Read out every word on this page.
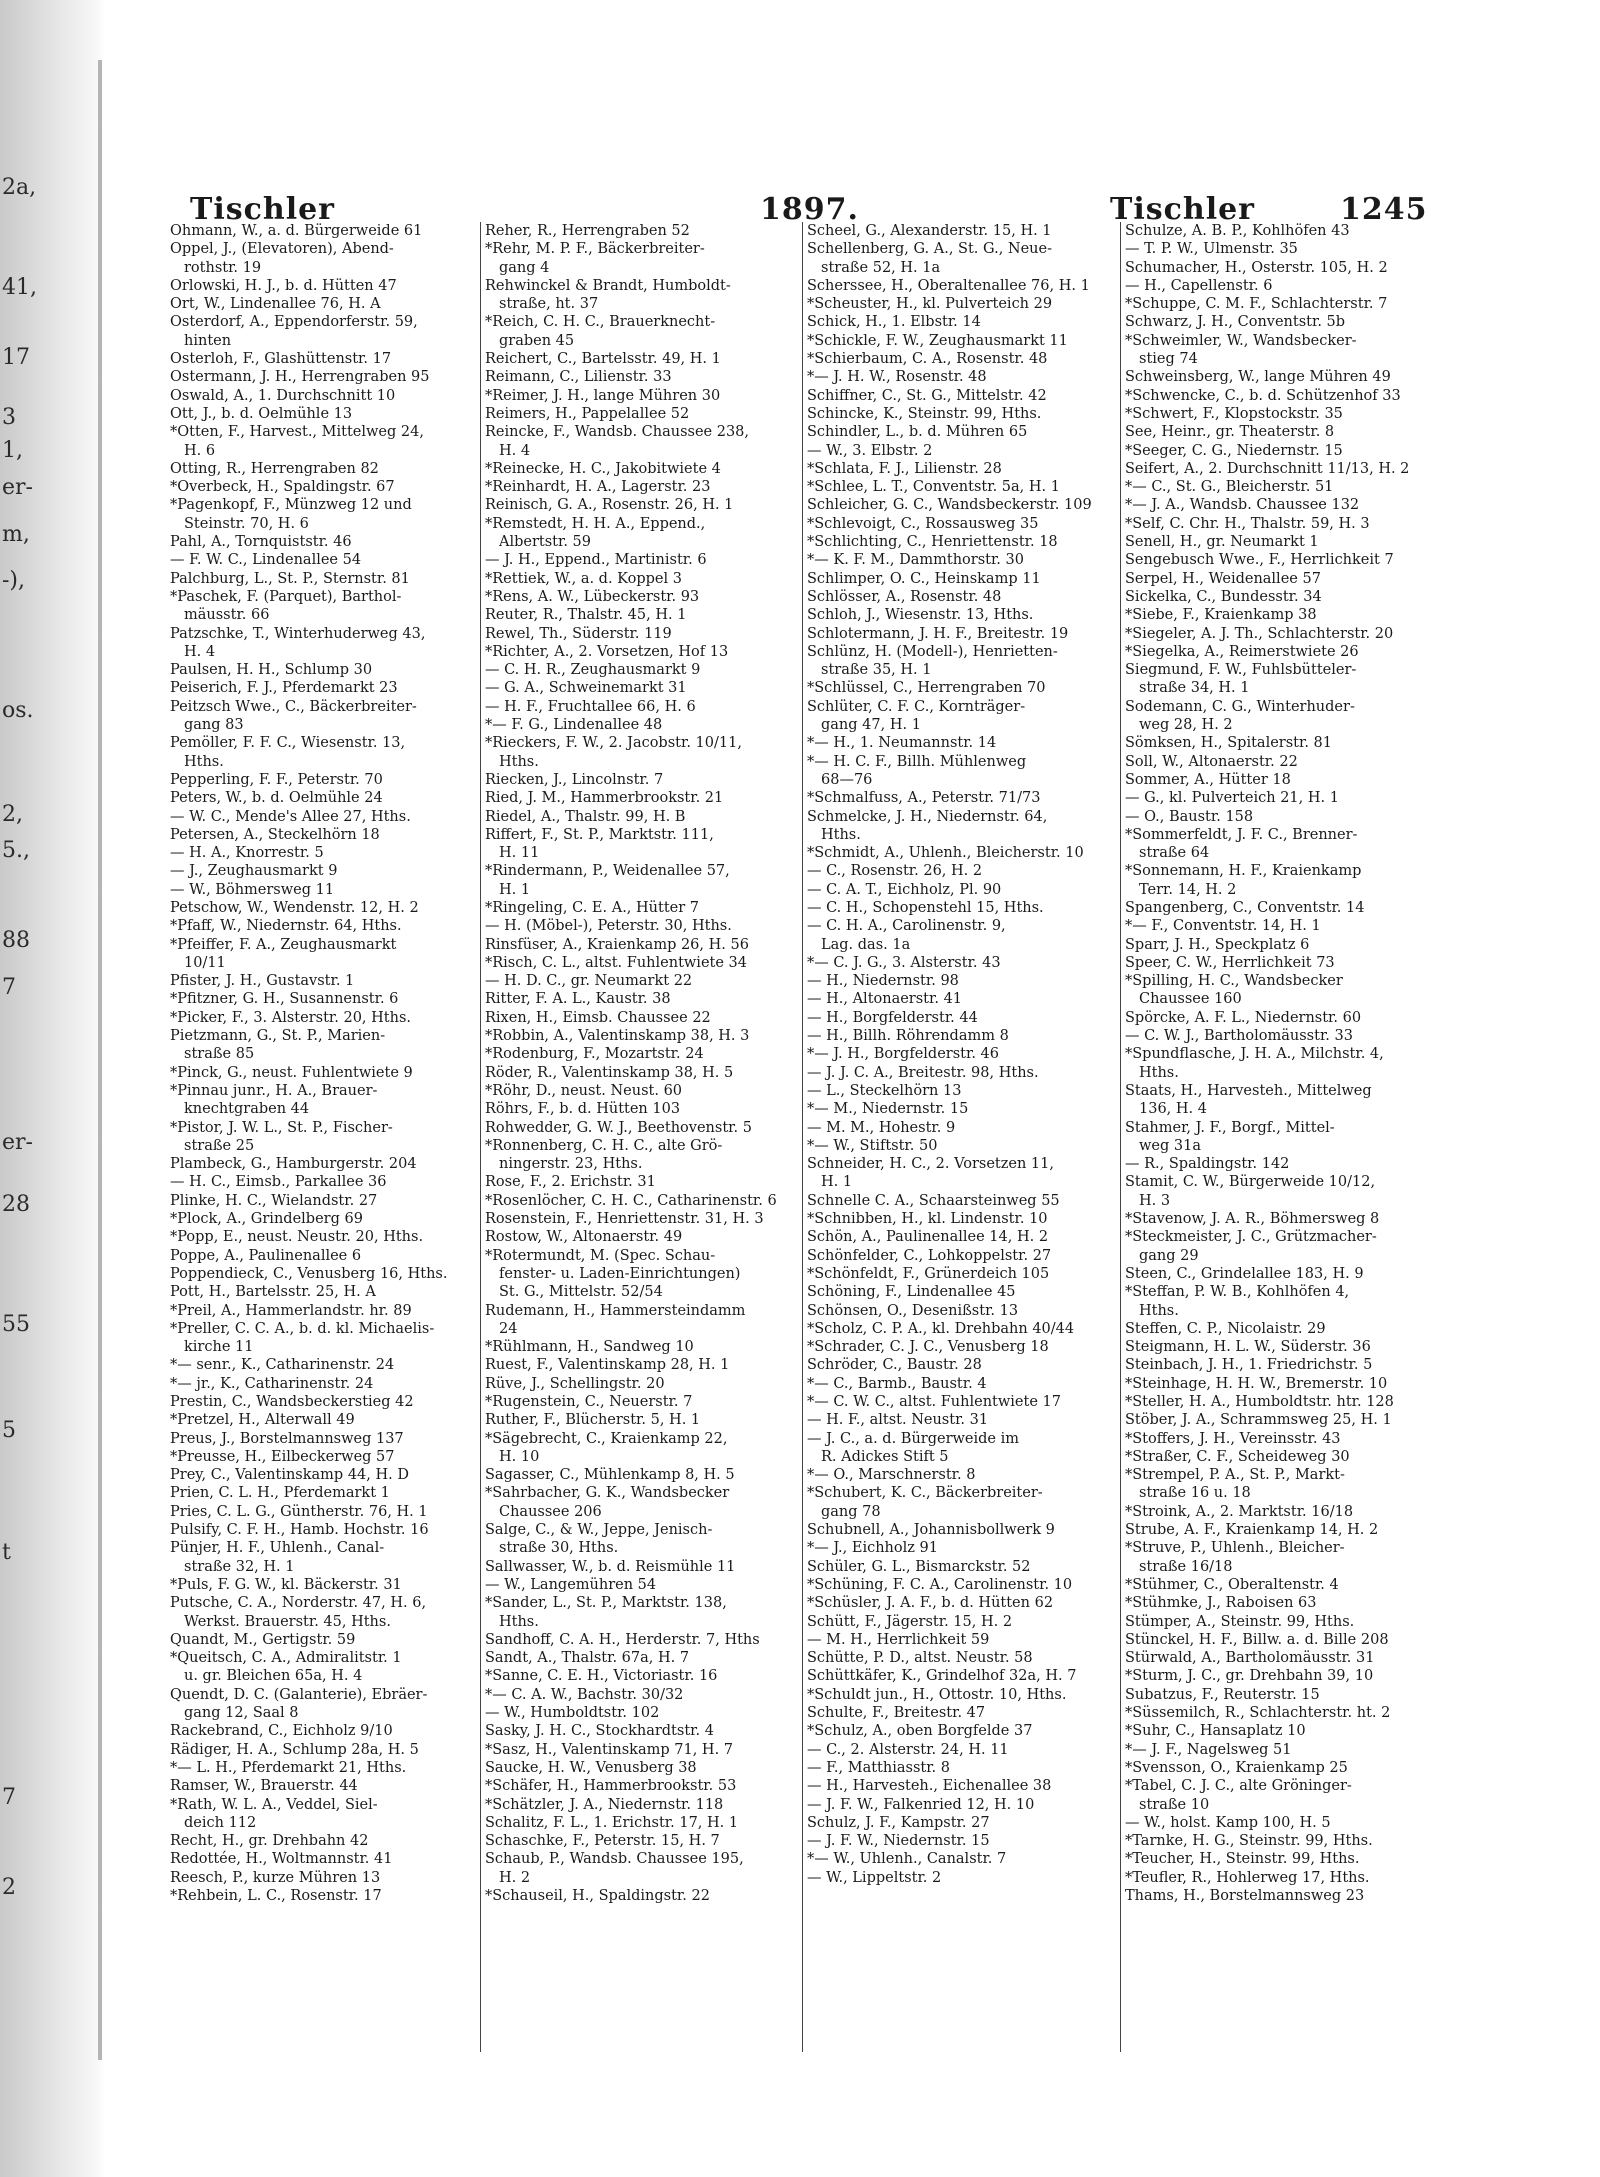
2a,
41,
17
3
1,
er-
m,
-),
os.
2,
5.,
88
7
er-
28
55
5
t
7
2
Tischler	1897.	Tischler	1245
Ohmann, W., a. d. Bürgerweide 61
Oppel, J., (Elevatoren), Abend-
rothstr. 19
Orlowski, H. J., b. d. Hütten 47
Ort, W., Lindenallee 76, H. A
Osterdorf, A., Eppendorferstr. 59,
hinten
Osterloh, F., Glashüttenstr. 17
Ostermann, J. H., Herrengraben 95
Oswald, A., 1. Durchschnitt 10
Ott, J., b. d. Oelmühle 13
*Otten, F., Harvest., Mittelweg 24,
H. 6
Otting, R., Herrengraben 82
*Overbeck, H., Spaldingstr. 67
*Pagenkopf, F., Münzweg 12 und
Steinstr. 70, H. 6
Pahl, A., Tornquiststr. 46
— F. W. C., Lindenallee 54
Palchburg, L., St. P., Sternstr. 81
*Paschek, F. (Parquet), Barthol-
mäusstr. 66
Patzschke, T., Winterhuderweg 43,
H. 4
Paulsen, H. H., Schlump 30
Peiserich, F. J., Pferdemarkt 23
Peitzsch Wwe., C., Bäckerbreiter-
gang 83
Pemöller, F. F. C., Wiesenstr. 13,
Hths.
Pepperling, F. F., Peterstr. 70
Peters, W., b. d. Oelmühle 24
— W. C., Mende's Allee 27, Hths.
Petersen, A., Steckelhörn 18
— H. A., Knorrestr. 5
— J., Zeughausmarkt 9
— W., Böhmersweg 11
Petschow, W., Wendenstr. 12, H. 2
*Pfaff, W., Niedernstr. 64, Hths.
*Pfeiffer, F. A., Zeughausmarkt
10/11
Pfister, J. H., Gustavstr. 1
*Pfitzner, G. H., Susannenstr. 6
*Picker, F., 3. Alsterstr. 20, Hths.
Pietzmann, G., St. P., Marien-
straße 85
*Pinck, G., neust. Fuhlentwiete 9
*Pinnau junr., H. A., Brauer-
knechtgraben 44
*Pistor, J. W. L., St. P., Fischer-
straße 25
Plambeck, G., Hamburgerstr. 204
— H. C., Eimsb., Parkallee 36
Plinke, H. C., Wielandstr. 27
*Plock, A., Grindelberg 69
*Popp, E., neust. Neustr. 20, Hths.
Poppe, A., Paulinenallee 6
Poppendieck, C., Venusberg 16, Hths.
Pott, H., Bartelsstr. 25, H. A
*Preil, A., Hammerlandstr. hr. 89
*Preller, C. C. A., b. d. kl. Michaelis-
kirche 11
*— senr., K., Catharinenstr. 24
*— jr., K., Catharinenstr. 24
Prestin, C., Wandsbeckerstieg 42
*Pretzel, H., Alterwall 49
Preus, J., Borstelmannsweg 137
*Preusse, H., Eilbeckerweg 57
Prey, C., Valentinskamp 44, H. D
Prien, C. L. H., Pferdemarkt 1
Pries, C. L. G., Güntherstr. 76, H. 1
Pulsify, C. F. H., Hamb. Hochstr. 16
Pünjer, H. F., Uhlenh., Canal-
straße 32, H. 1
*Puls, F. G. W., kl. Bäckerstr. 31
Putsche, C. A., Norderstr. 47, H. 6,
Werkst. Brauerstr. 45, Hths.
Quandt, M., Gertigstr. 59
*Queitsch, C. A., Admiralitstr. 1
u. gr. Bleichen 65a, H. 4
Quendt, D. C. (Galanterie), Ebräer-
gang 12, Saal 8
Rackebrand, C., Eichholz 9/10
Rädiger, H. A., Schlump 28a, H. 5
*— L. H., Pferdemarkt 21, Hths.
Ramser, W., Brauerstr. 44
*Rath, W. L. A., Veddel, Siel-
deich 112
Recht, H., gr. Drehbahn 42
Redottée, H., Woltmannstr. 41
Reesch, P., kurze Mühren 13
*Rehbein, L. C., Rosenstr. 17
Reher, R., Herrengraben 52
*Rehr, M. P. F., Bäckerbreiter-
gang 4
Rehwinckel & Brandt, Humboldt-
straße, ht. 37
*Reich, C. H. C., Brauerknecht-
graben 45
Reichert, C., Bartelsstr. 49, H. 1
Reimann, C., Lilienstr. 33
*Reimer, J. H., lange Mühren 30
Reimers, H., Pappelallee 52
Reincke, F., Wandsb. Chaussee 238,
H. 4
*Reinecke, H. C., Jakobitwiete 4
*Reinhardt, H. A., Lagerstr. 23
Reinisch, G. A., Rosenstr. 26, H. 1
*Remstedt, H. H. A., Eppend.,
Albertstr. 59
— J. H., Eppend., Martinistr. 6
*Rettiek, W., a. d. Koppel 3
*Rens, A. W., Lübeckerstr. 93
Reuter, R., Thalstr. 45, H. 1
Rewel, Th., Süderstr. 119
*Richter, A., 2. Vorsetzen, Hof 13
— C. H. R., Zeughausmarkt 9
— G. A., Schweinemarkt 31
— H. F., Fruchtallee 66, H. 6
*— F. G., Lindenallee 48
*Rieckers, F. W., 2. Jacobstr. 10/11,
Hths.
Riecken, J., Lincolnstr. 7
Ried, J. M., Hammerbrookstr. 21
Riedel, A., Thalstr. 99, H. B
Riffert, F., St. P., Marktstr. 111,
H. 11
*Rindermann, P., Weidenallee 57,
H. 1
*Ringeling, C. E. A., Hütter 7
— H. (Möbel-), Peterstr. 30, Hths.
Rinsfüser, A., Kraienkamp 26, H. 56
*Risch, C. L., altst. Fuhlentwiete 34
— H. D. C., gr. Neumarkt 22
Ritter, F. A. L., Kaustr. 38
Rixen, H., Eimsb. Chaussee 22
*Robbin, A., Valentinskamp 38, H. 3
*Rodenburg, F., Mozartstr. 24
Röder, R., Valentinskamp 38, H. 5
*Röhr, D., neust. Neust. 60
Röhrs, F., b. d. Hütten 103
Rohwedder, G. W. J., Beethovenstr. 5
*Ronnenberg, C. H. C., alte Grö-
ningerstr. 23, Hths.
Rose, F., 2. Erichstr. 31
*Rosenlöcher, C. H. C., Catharinenstr. 6
Rosenstein, F., Henriettenstr. 31, H. 3
Rostow, W., Altonaerstr. 49
*Rotermundt, M. (Spec. Schau-
fenster- u. Laden-Einrichtungen)
St. G., Mittelstr. 52/54
Rudemann, H., Hammersteindamm
24
*Rühlmann, H., Sandweg 10
Ruest, F., Valentinskamp 28, H. 1
Rüve, J., Schellingstr. 20
*Rugenstein, C., Neuerstr. 7
Ruther, F., Blücherstr. 5, H. 1
*Sägebrecht, C., Kraienkamp 22,
H. 10
Sagasser, C., Mühlenkamp 8, H. 5
*Sahrbacher, G. K., Wandsbecker
Chaussee 206
Salge, C., & W., Jeppe, Jenisch-
straße 30, Hths.
Sallwasser, W., b. d. Reismühle 11
— W., Langemühren 54
*Sander, L., St. P., Marktstr. 138,
Hths.
Sandhoff, C. A. H., Herderstr. 7, Hths
Sandt, A., Thalstr. 67a, H. 7
*Sanne, C. E. H., Victoriastr. 16
*— C. A. W., Bachstr. 30/32
— W., Humboldtstr. 102
Sasky, J. H. C., Stockhardtstr. 4
*Sasz, H., Valentinskamp 71, H. 7
Saucke, H. W., Venusberg 38
*Schäfer, H., Hammerbrookstr. 53
*Schätzler, J. A., Niedernstr. 118
Schalitz, F. L., 1. Erichstr. 17, H. 1
Schaschke, F., Peterstr. 15, H. 7
Schaub, P., Wandsb. Chaussee 195,
H. 2
*Schauseil, H., Spaldingstr. 22
Scheel, G., Alexanderstr. 15, H. 1
Schellenberg, G. A., St. G., Neue-
straße 52, H. 1a
Scherssee, H., Oberaltenallee 76, H. 1
*Scheuster, H., kl. Pulverteich 29
Schick, H., 1. Elbstr. 14
*Schickle, F. W., Zeughausmarkt 11
*Schierbaum, C. A., Rosenstr. 48
*— J. H. W., Rosenstr. 48
Schiffner, C., St. G., Mittelstr. 42
Schincke, K., Steinstr. 99, Hths.
Schindler, L., b. d. Mühren 65
— W., 3. Elbstr. 2
*Schlata, F. J., Lilienstr. 28
*Schlee, L. T., Conventstr. 5a, H. 1
Schleicher, G. C., Wandsbeckerstr. 109
*Schlevoigt, C., Rossausweg 35
*Schlichting, C., Henriettenstr. 18
*— K. F. M., Dammthorstr. 30
Schlimper, O. C., Heinskamp 11
Schlösser, A., Rosenstr. 48
Schloh, J., Wiesenstr. 13, Hths.
Schlotermann, J. H. F., Breitestr. 19
Schlünz, H. (Modell-), Henrietten-
straße 35, H. 1
*Schlüssel, C., Herrengraben 70
Schlüter, C. F. C., Kornträger-
gang 47, H. 1
*— H., 1. Neumannstr. 14
*— H. C. F., Billh. Mühlenweg
68—76
*Schmalfuss, A., Peterstr. 71/73
Schmelcke, J. H., Niedernstr. 64,
Hths.
*Schmidt, A., Uhlenh., Bleicherstr. 10
— C., Rosenstr. 26, H. 2
— C. A. T., Eichholz, Pl. 90
— C. H., Schopenstehl 15, Hths.
— C. H. A., Carolinenstr. 9,
Lag. das. 1a
*— C. J. G., 3. Alsterstr. 43
— H., Niedernstr. 98
— H., Altonaerstr. 41
— H., Borgfelderstr. 44
— H., Billh. Röhrendamm 8
*— J. H., Borgfelderstr. 46
— J. J. C. A., Breitestr. 98, Hths.
— L., Steckelhörn 13
*— M., Niedernstr. 15
— M. M., Hohestr. 9
*— W., Stiftstr. 50
Schneider, H. C., 2. Vorsetzen 11,
H. 1
Schnelle C. A., Schaarsteinweg 55
*Schnibben, H., kl. Lindenstr. 10
Schön, A., Paulinenallee 14, H. 2
Schönfelder, C., Lohkoppelstr. 27
*Schönfeldt, F., Grünerdeich 105
Schöning, F., Lindenallee 45
Schönsen, O., Desenißstr. 13
*Scholz, C. P. A., kl. Drehbahn 40/44
*Schrader, C. J. C., Venusberg 18
Schröder, C., Baustr. 28
*— C., Barmb., Baustr. 4
*— C. W. C., altst. Fuhlentwiete 17
— H. F., altst. Neustr. 31
— J. C., a. d. Bürgerweide im
R. Adickes Stift 5
*— O., Marschnerstr. 8
*Schubert, K. C., Bäckerbreiter-
gang 78
Schubnell, A., Johannisbollwerk 9
*— J., Eichholz 91
Schüler, G. L., Bismarckstr. 52
*Schüning, F. C. A., Carolinenstr. 10
*Schüsler, J. A. F., b. d. Hütten 62
Schütt, F., Jägerstr. 15, H. 2
— M. H., Herrlichkeit 59
Schütte, P. D., altst. Neustr. 58
Schüttkäfer, K., Grindelhof 32a, H. 7
*Schuldt jun., H., Ottostr. 10, Hths.
Schulte, F., Breitestr. 47
*Schulz, A., oben Borgfelde 37
— C., 2. Alsterstr. 24, H. 11
— F., Matthiasstr. 8
— H., Harvesteh., Eichenallee 38
— J. F. W., Falkenried 12, H. 10
Schulz, J. F., Kampstr. 27
— J. F. W., Niedernstr. 15
*— W., Uhlenh., Canalstr. 7
— W., Lippeltstr. 2
Schulze, A. B. P., Kohlhöfen 43
— T. P. W., Ulmenstr. 35
Schumacher, H., Osterstr. 105, H. 2
— H., Capellenstr. 6
*Schuppe, C. M. F., Schlachterstr. 7
Schwarz, J. H., Conventstr. 5b
*Schweimler, W., Wandsbecker-
stieg 74
Schweinsberg, W., lange Mühren 49
*Schwencke, C., b. d. Schützenhof 33
*Schwert, F., Klopstockstr. 35
See, Heinr., gr. Theaterstr. 8
*Seeger, C. G., Niedernstr. 15
Seifert, A., 2. Durchschnitt 11/13, H. 2
*— C., St. G., Bleicherstr. 51
*— J. A., Wandsb. Chaussee 132
*Self, C. Chr. H., Thalstr. 59, H. 3
Senell, H., gr. Neumarkt 1
Sengebusch Wwe., F., Herrlichkeit 7
Serpel, H., Weidenallee 57
Sickelka, C., Bundesstr. 34
*Siebe, F., Kraienkamp 38
*Siegeler, A. J. Th., Schlachterstr. 20
*Siegelka, A., Reimerstwiete 26
Siegmund, F. W., Fuhlsbütteler-
straße 34, H. 1
Sodemann, C. G., Winterhuder-
weg 28, H. 2
Sömksen, H., Spitalerstr. 81
Soll, W., Altonaerstr. 22
Sommer, A., Hütter 18
— G., kl. Pulverteich 21, H. 1
— O., Baustr. 158
*Sommerfeldt, J. F. C., Brenner-
straße 64
*Sonnemann, H. F., Kraienkamp
Terr. 14, H. 2
Spangenberg, C., Conventstr. 14
*— F., Conventstr. 14, H. 1
Sparr, J. H., Speckplatz 6
Speer, C. W., Herrlichkeit 73
*Spilling, H. C., Wandsbecker
Chaussee 160
Spörcke, A. F. L., Niedernstr. 60
— C. W. J., Bartholomäusstr. 33
*Spundflasche, J. H. A., Milchstr. 4,
Hths.
Staats, H., Harvesteh., Mittelweg
136, H. 4
Stahmer, J. F., Borgf., Mittel-
weg 31a
— R., Spaldingstr. 142
Stamit, C. W., Bürgerweide 10/12,
H. 3
*Stavenow, J. A. R., Böhmersweg 8
*Steckmeister, J. C., Grützmacher-
gang 29
Steen, C., Grindelallee 183, H. 9
*Steffan, P. W. B., Kohlhöfen 4,
Hths.
Steffen, C. P., Nicolaistr. 29
Steigmann, H. L. W., Süderstr. 36
Steinbach, J. H., 1. Friedrichstr. 5
*Steinhage, H. H. W., Bremerstr. 10
*Steller, H. A., Humboldtstr. htr. 128
Stöber, J. A., Schrammsweg 25, H. 1
*Stoffers, J. H., Vereinsstr. 43
*Straßer, C. F., Scheideweg 30
*Strempel, P. A., St. P., Markt-
straße 16 u. 18
*Stroink, A., 2. Marktstr. 16/18
Strube, A. F., Kraienkamp 14, H. 2
*Struve, P., Uhlenh., Bleicher-
straße 16/18
*Stühmer, C., Oberaltenstr. 4
*Stühmke, J., Raboisen 63
Stümper, A., Steinstr. 99, Hths.
Stünckel, H. F., Billw. a. d. Bille 208
Stürwald, A., Bartholomäusstr. 31
*Sturm, J. C., gr. Drehbahn 39, 10
Subatzus, F., Reuterstr. 15
*Süssemilch, R., Schlachterstr. ht. 2
*Suhr, C., Hansaplatz 10
*— J. F., Nagelsweg 51
*Svensson, O., Kraienkamp 25
*Tabel, C. J. C., alte Gröninger-
straße 10
— W., holst. Kamp 100, H. 5
*Tarnke, H. G., Steinstr. 99, Hths.
*Teucher, H., Steinstr. 99, Hths.
*Teufler, R., Hohlerweg 17, Hths.
Thams, H., Borstelmannsweg 23
